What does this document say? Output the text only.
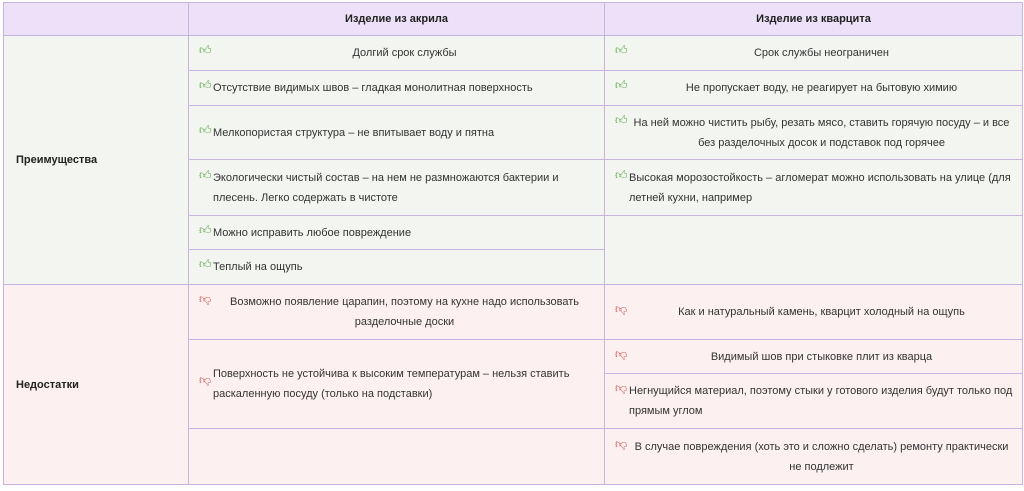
	Изделие из акрила	Изделие из кварцита
Преимущества	👍︎ Долгий срок службы	👍︎ Срок службы неограничен

	👍︎ Отсутствие видимых швов – гладкая монолитная поверхность	👍︎ Не пропускает воду, не реагирует на бытовую химию

	👍︎ Мелкопористая структура – не впитывает воду и пятна	👍︎ На ней можно чистить рыбу, резать мясо, ставить горячую посуду – и все без разделочных досок и подставок под горячее

	👍︎ Экологически чистый состав – на нем не размножаются бактерии и плесень. Легко содержать в чистоте	👍︎ Высокая морозостойкость – агломерат можно использовать на улице (для летней кухни, например

	👍︎ Можно исправить любое повреждение	

	👍︎ Теплый на ощупь	

Недостатки	👎︎ Возможно появление царапин, поэтому на кухне надо использовать разделочные доски	👎︎ Как и натуральный камень, кварцит холодный на ощупь

	👎︎ Поверхность не устойчива к высоким температурам – нельзя ставить раскаленную посуду (только на подставки)	👎︎ Видимый шов при стыковке плит из кварца

		👎︎ Негнущийся материал, поэтому стыки у готового изделия будут только под прямым углом

		👎︎ В случае повреждения (хоть это и сложно сделать) ремонту практически не подлежит
